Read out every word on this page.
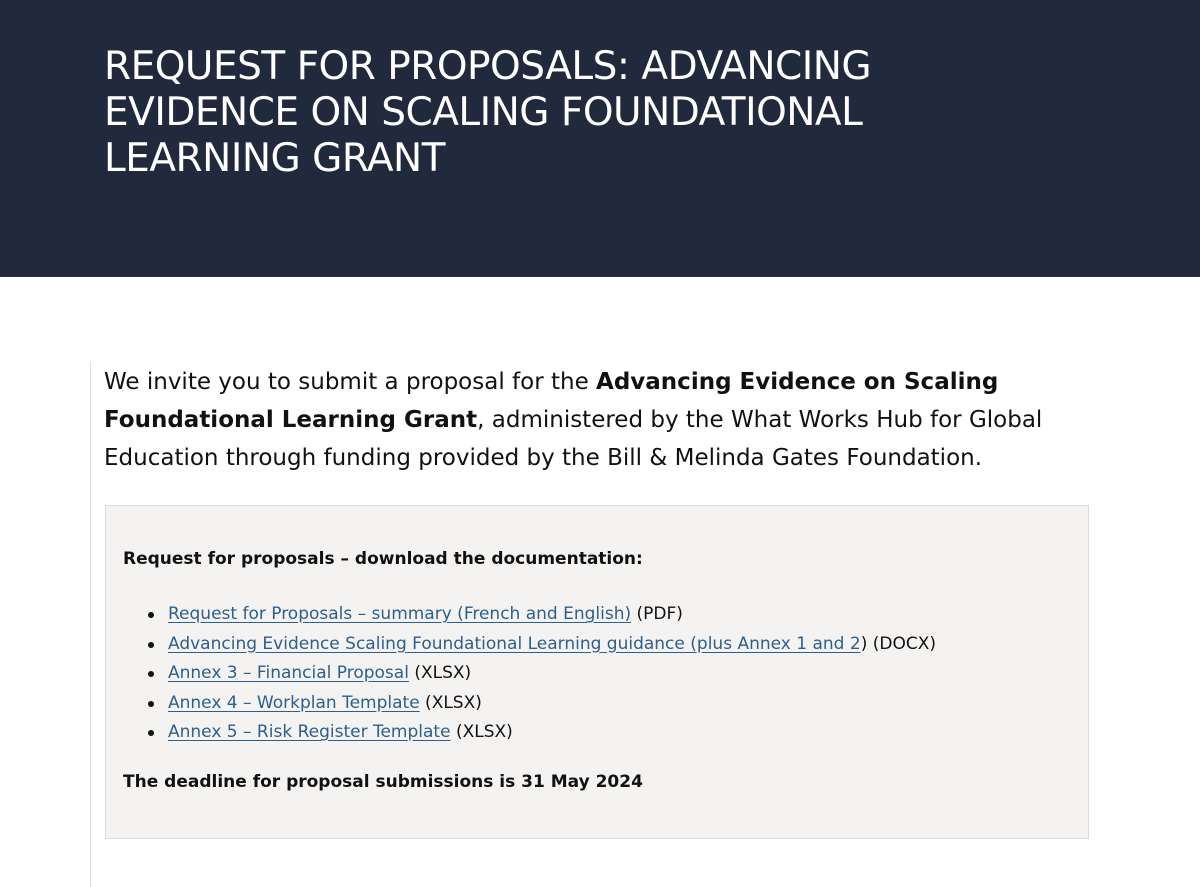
REQUEST FOR PROPOSALS: ADVANCING EVIDENCE ON SCALING FOUNDATIONAL LEARNING GRANT

We invite you to submit a proposal for the Advancing Evidence on Scaling Foundational Learning Grant, administered by the What Works Hub for Global Education through funding provided by the Bill & Melinda Gates Foundation.

Request for proposals – download the documentation:

Request for Proposals – summary (French and English) (PDF)
Advancing Evidence Scaling Foundational Learning guidance (plus Annex 1 and 2) (DOCX)
Annex 3 – Financial Proposal (XLSX)
Annex 4 – Workplan Template (XLSX)
Annex 5 – Risk Register Template (XLSX)

The deadline for proposal submissions is 31 May 2024
